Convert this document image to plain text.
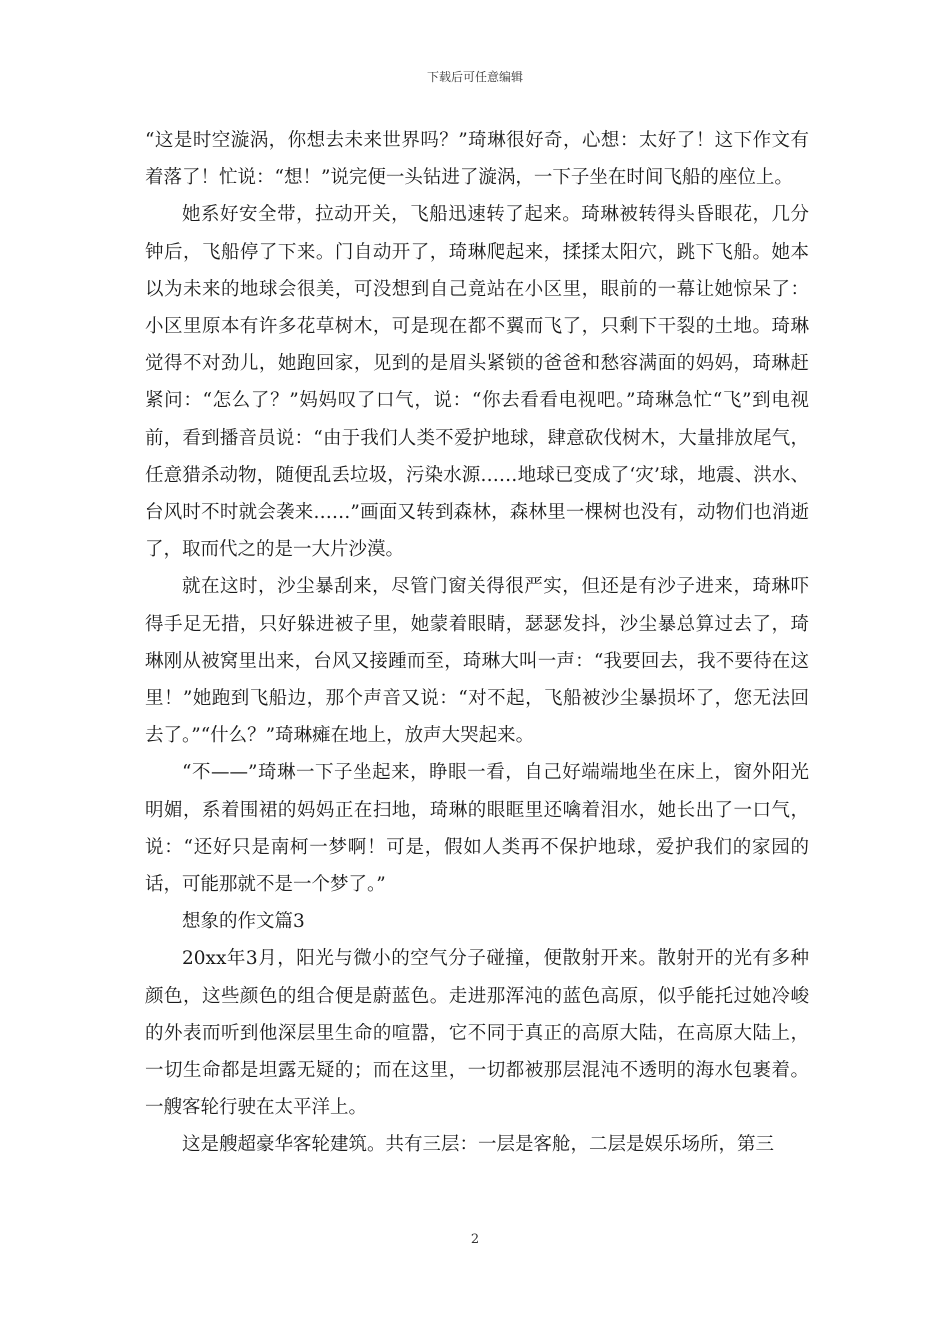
下载后可任意编辑

“这是时空漩涡，你想去未来世界吗？”琦琳很好奇，心想：太好了！这下作文有着落了！忙说：“想！”说完便一头钻进了漩涡，一下子坐在时间飞船的座位上。

她系好安全带，拉动开关，飞船迅速转了起来。琦琳被转得头昏眼花，几分钟后，飞船停了下来。门自动开了，琦琳爬起来，揉揉太阳穴，跳下飞船。她本以为未来的地球会很美，可没想到自己竟站在小区里，眼前的一幕让她惊呆了：小区里原本有许多花草树木，可是现在都不翼而飞了，只剩下干裂的土地。琦琳觉得不对劲儿，她跑回家，见到的是眉头紧锁的爸爸和愁容满面的妈妈，琦琳赶紧问：“怎么了？”妈妈叹了口气，说：“你去看看电视吧。”琦琳急忙“飞”到电视前，看到播音员说：“由于我们人类不爱护地球，肆意砍伐树木，大量排放尾气，任意猎杀动物，随便乱丢垃圾，污染水源……地球已变成了‘灾’球，地震、洪水、台风时不时就会袭来……”画面又转到森林，森林里一棵树也没有，动物们也消逝了，取而代之的是一大片沙漠。

就在这时，沙尘暴刮来，尽管门窗关得很严实，但还是有沙子进来，琦琳吓得手足无措，只好躲进被子里，她蒙着眼睛，瑟瑟发抖，沙尘暴总算过去了，琦琳刚从被窝里出来，台风又接踵而至，琦琳大叫一声：“我要回去，我不要待在这里！”她跑到飞船边，那个声音又说：“对不起，飞船被沙尘暴损坏了，您无法回去了。”“什么？”琦琳瘫在地上，放声大哭起来。

“不——”琦琳一下子坐起来，睁眼一看，自己好端端地坐在床上，窗外阳光明媚，系着围裙的妈妈正在扫地，琦琳的眼眶里还噙着泪水，她长出了一口气，说：“还好只是南柯一梦啊！可是，假如人类再不保护地球，爱护我们的家园的话，可能那就不是一个梦了。”

想象的作文篇3

20xx年3月，阳光与微小的空气分子碰撞，便散射开来。散射开的光有多种颜色，这些颜色的组合便是蔚蓝色。走进那浑沌的蓝色高原，似乎能托过她冷峻的外表而听到他深层里生命的喧嚣，它不同于真正的高原大陆，在高原大陆上，一切生命都是坦露无疑的；而在这里，一切都被那层混沌不透明的海水包裹着。一艘客轮行驶在太平洋上。

这是艘超豪华客轮建筑。共有三层：一层是客舱，二层是娱乐场所，第三

2
